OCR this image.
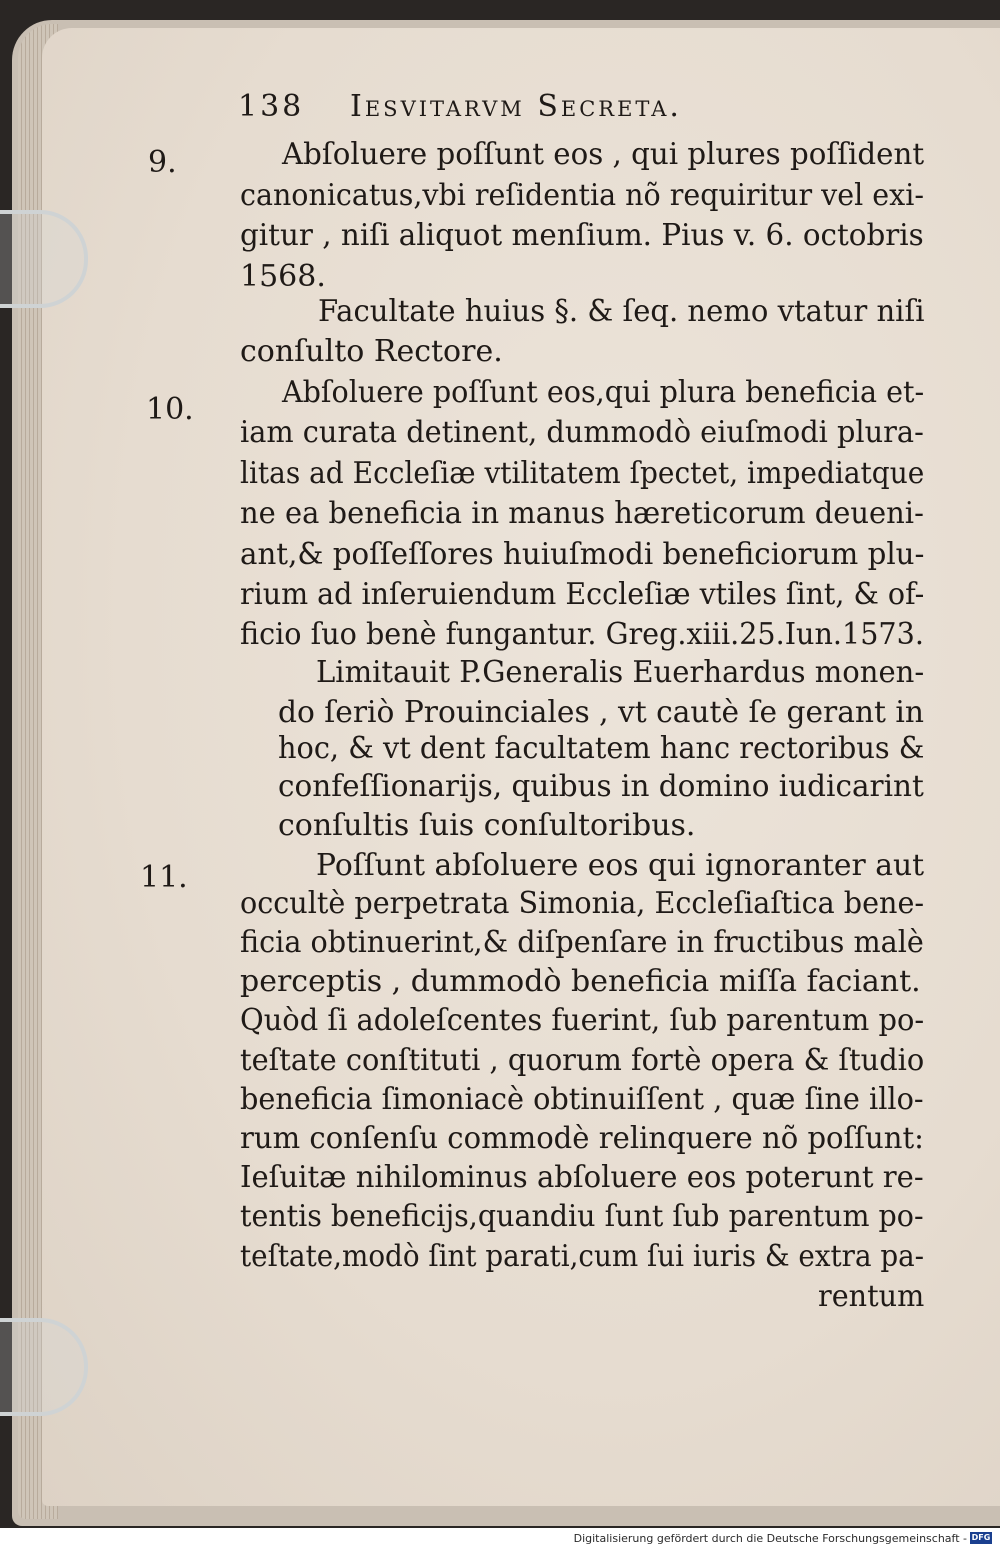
138 Iesvitarvm Secreta.
9.
10.
11.
Abſoluere poſſunt eos , qui plures poſſident
canonicatus,vbi reſidentia nõ requiritur vel exi-
gitur , niſi aliquot menſium. Pius v. 6. octobris
1568.
Facultate huius §. & ſeq. nemo vtatur niſi
conſulto Rectore.
Abſoluere poſſunt eos,qui plura beneficia et-
iam curata detinent, dummodò eiuſmodi plura-
litas ad Eccleſiæ vtilitatem ſpectet, impediatque
ne ea beneficia in manus hæreticorum deueni-
ant,& poſſeſſores huiuſmodi beneficiorum plu-
rium ad inſeruiendum Eccleſiæ vtiles ſint, & of-
ficio ſuo benè fungantur. Greg.xiii.25.Iun.1573.
Limitauit P.Generalis Euerhardus monen-
do ſeriò Prouinciales , vt cautè ſe gerant in
hoc, & vt dent facultatem hanc rectoribus &
confeſſionarijs, quibus in domino iudicarint
conſultis ſuis conſultoribus.
Poſſunt abſoluere eos qui ignoranter aut
occultè perpetrata Simonia, Eccleſiaſtica bene-
ficia obtinuerint,& diſpenſare in fructibus malè
perceptis , dummodò beneficia miſſa faciant.
Quòd ſi adoleſcentes fuerint, ſub parentum po-
teſtate conſtituti , quorum fortè opera & ſtudio
beneficia ſimoniacè obtinuiſſent , quæ ſine illo-
rum conſenſu commodè relinquere nõ poſſunt:
Ieſuitæ nihilominus abſoluere eos poterunt re-
tentis beneficijs,quandiu ſunt ſub parentum po-
teſtate,modò ſint parati,cum ſui iuris & extra pa-
rentum
Digitalisierung gefördert durch die Deutsche Forschungsgemeinschaft - DFG
